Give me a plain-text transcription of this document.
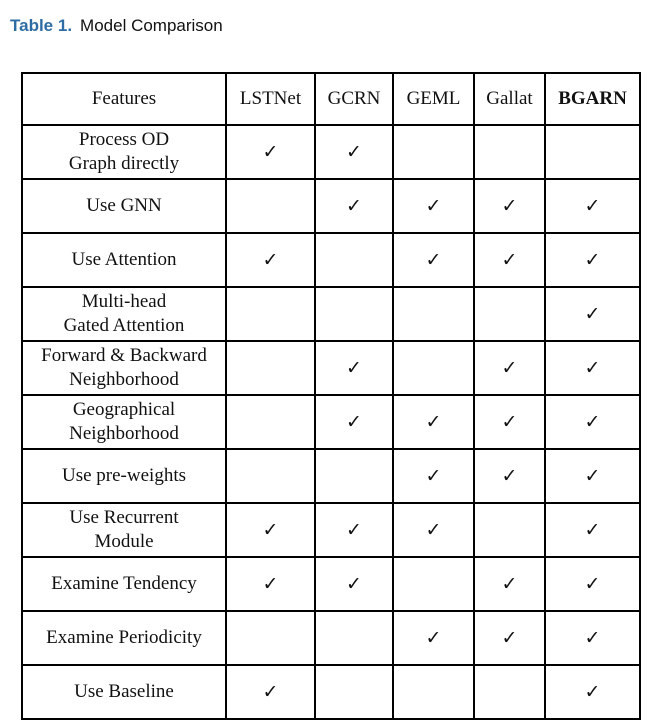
Table 1. Model Comparison
Features	LSTNet	GCRN	GEML	Gallat	BGARN
Process OD
Graph directly	✓	✓			
Use GNN		✓	✓	✓	✓
Use Attention	✓		✓	✓	✓
Multi-head
Gated Attention					✓
Forward & Backward
Neighborhood		✓		✓	✓
Geographical
Neighborhood		✓	✓	✓	✓
Use pre-weights			✓	✓	✓
Use Recurrent
Module	✓	✓	✓		✓
Examine Tendency	✓	✓		✓	✓
Examine Periodicity			✓	✓	✓
Use Baseline	✓				✓
